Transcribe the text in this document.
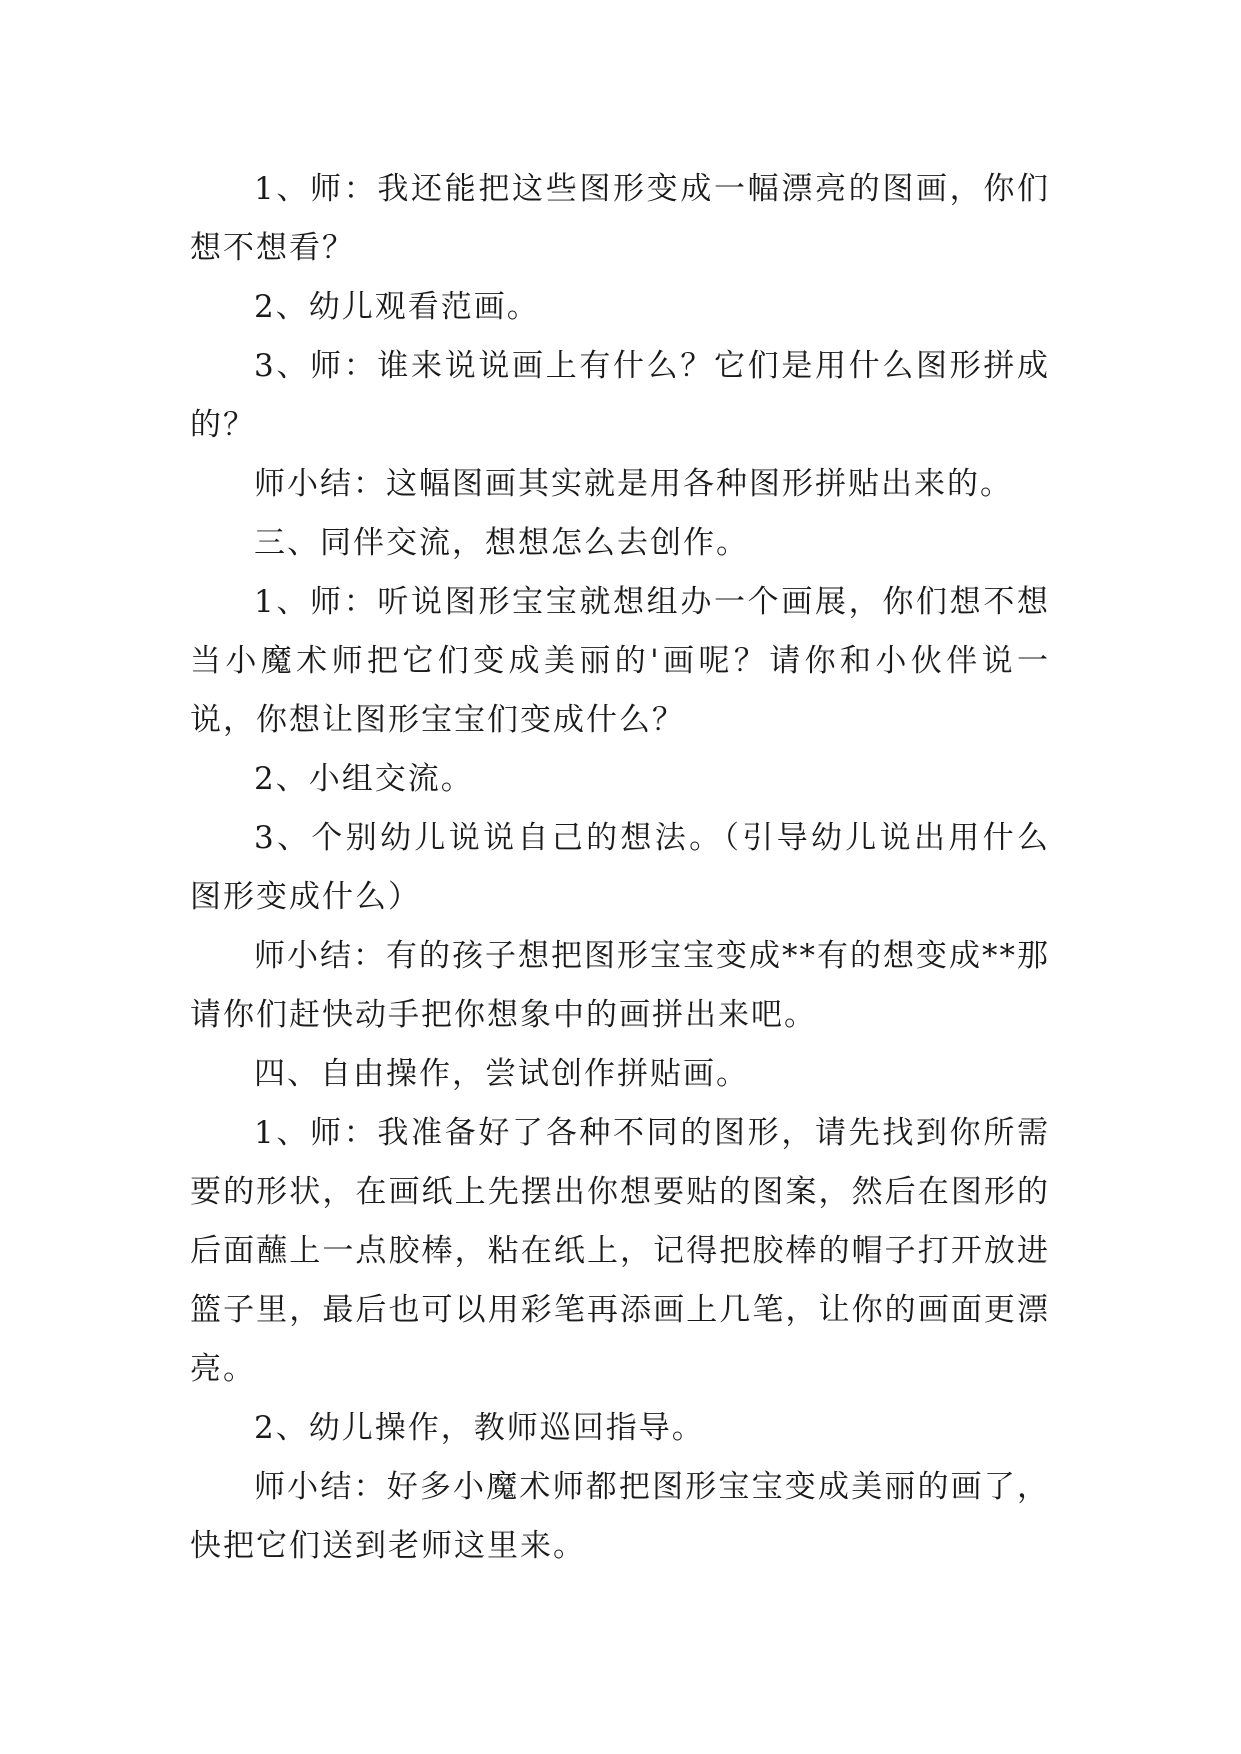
1、师：我还能把这些图形变成一幅漂亮的图画，你们想不想看？

2、幼儿观看范画。

3、师：谁来说说画上有什么？它们是用什么图形拼成的？

师小结：这幅图画其实就是用各种图形拼贴出来的。

三、同伴交流，想想怎么去创作。

1、师：听说图形宝宝就想组办一个画展，你们想不想当小魔术师把它们变成美丽的'画呢？请你和小伙伴说一说，你想让图形宝宝们变成什么？

2、小组交流。

3、个别幼儿说说自己的想法。（引导幼儿说出用什么图形变成什么）

师小结：有的孩子想把图形宝宝变成**有的想变成**那请你们赶快动手把你想象中的画拼出来吧。

四、自由操作，尝试创作拼贴画。

1、师：我准备好了各种不同的图形，请先找到你所需要的形状，在画纸上先摆出你想要贴的图案，然后在图形的后面蘸上一点胶棒，粘在纸上，记得把胶棒的帽子打开放进篮子里，最后也可以用彩笔再添画上几笔，让你的画面更漂亮。

2、幼儿操作，教师巡回指导。

师小结：好多小魔术师都把图形宝宝变成美丽的画了，快把它们送到老师这里来。
